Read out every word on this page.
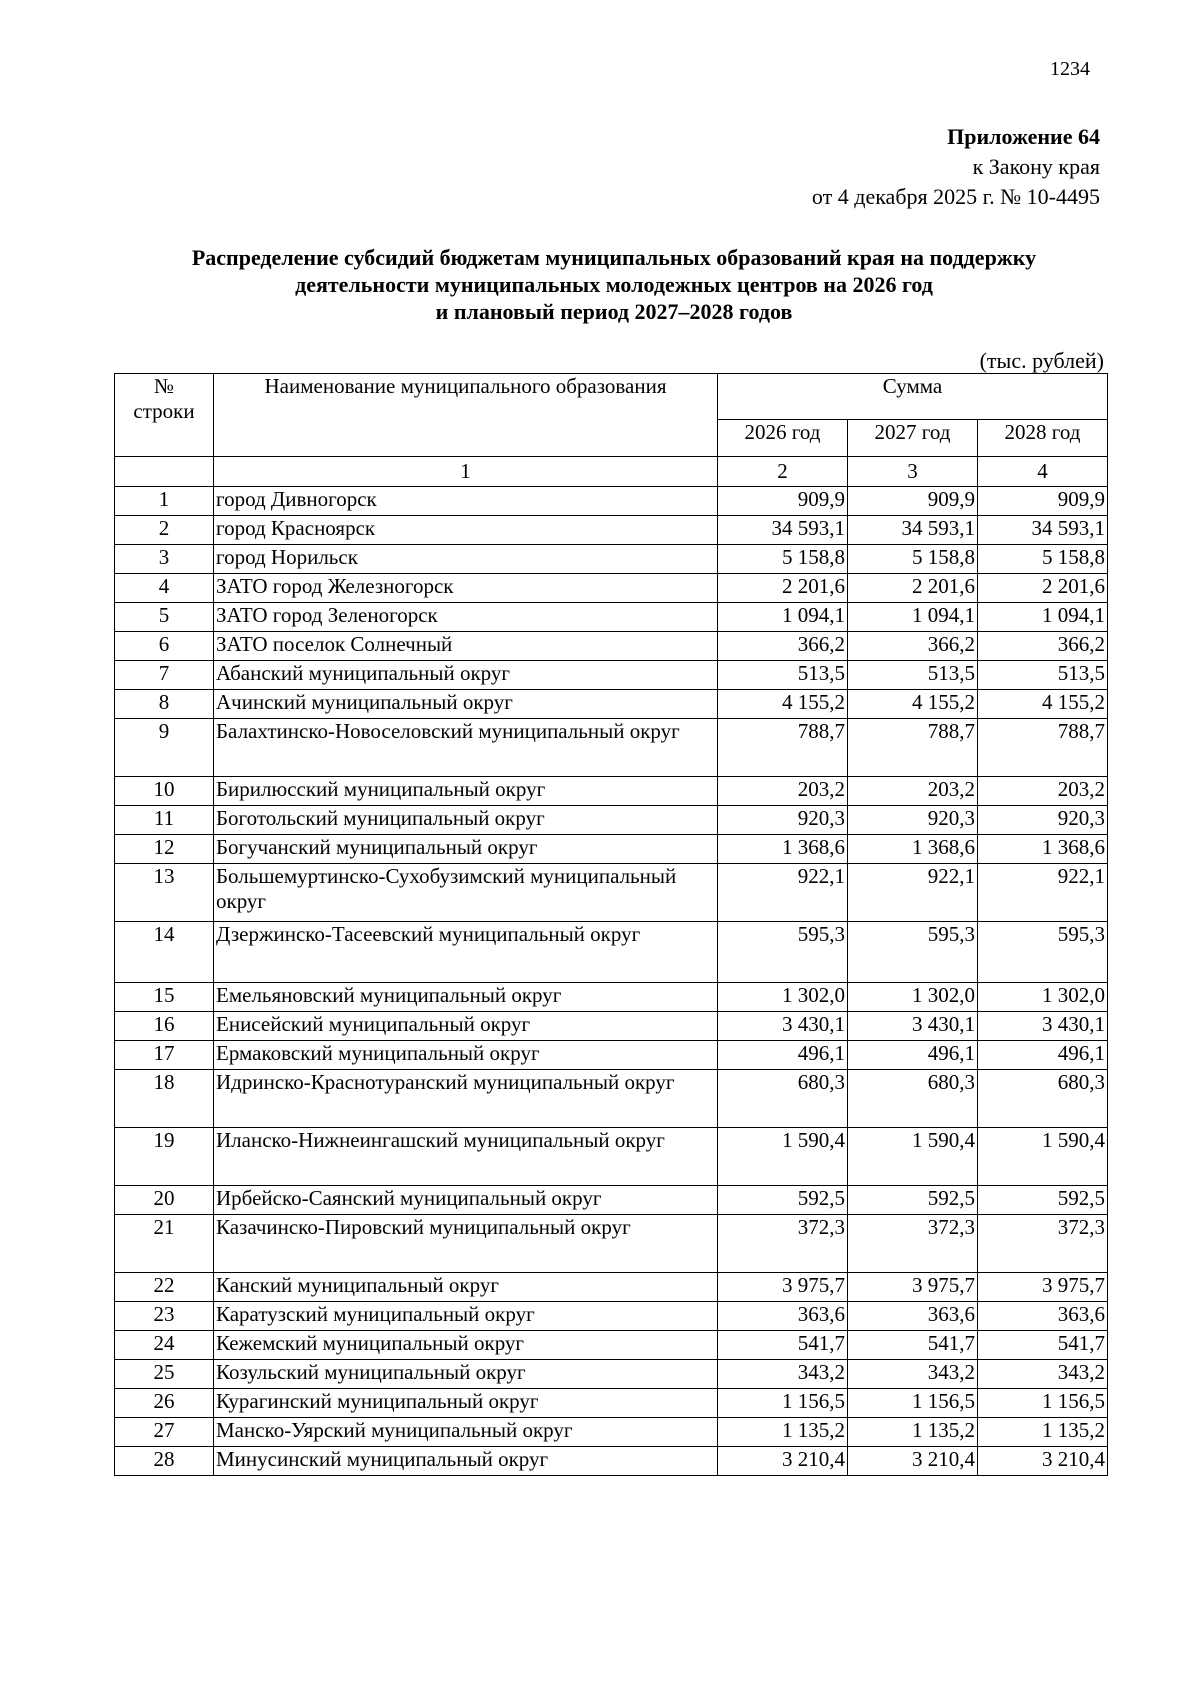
1234
Приложение 64
к Закону края
от 4 декабря 2025 г. № 10-4495
Распределение субсидий бюджетам муниципальных образований края на поддержку
деятельности муниципальных молодежных центров на 2026 год
и плановый период 2027–2028 годов
(тыс. рублей)
№
строки	Наименование муниципального образования	Сумма		
		2026 год	2027 год	2028 год
	1	2	3	4
1	город Дивногорск	909,9	909,9	909,9
2	город Красноярск	34 593,1	34 593,1	34 593,1
3	город Норильск	5 158,8	5 158,8	5 158,8
4	ЗАТО город Железногорск	2 201,6	2 201,6	2 201,6
5	ЗАТО город Зеленогорск	1 094,1	1 094,1	1 094,1
6	ЗАТО поселок Солнечный	366,2	366,2	366,2
7	Абанский муниципальный округ	513,5	513,5	513,5
8	Ачинский муниципальный округ	4 155,2	4 155,2	4 155,2
9	Балахтинско-Новоселовский муниципальный округ	788,7	788,7	788,7
10	Бирилюсский муниципальный округ	203,2	203,2	203,2
11	Боготольский муниципальный округ	920,3	920,3	920,3
12	Богучанский муниципальный округ	1 368,6	1 368,6	1 368,6
13	Большемуртинско-Сухобузимский муниципальный округ	922,1	922,1	922,1
14	Дзержинско-Тасеевский муниципальный округ	595,3	595,3	595,3
15	Емельяновский муниципальный округ	1 302,0	1 302,0	1 302,0
16	Енисейский муниципальный округ	3 430,1	3 430,1	3 430,1
17	Ермаковский муниципальный округ	496,1	496,1	496,1
18	Идринско-Краснотуранский муниципальный округ	680,3	680,3	680,3
19	Иланско-Нижнеингашский муниципальный округ	1 590,4	1 590,4	1 590,4
20	Ирбейско-Саянский муниципальный округ	592,5	592,5	592,5
21	Казачинско-Пировский муниципальный округ	372,3	372,3	372,3
22	Канский муниципальный округ	3 975,7	3 975,7	3 975,7
23	Каратузский муниципальный округ	363,6	363,6	363,6
24	Кежемский муниципальный округ	541,7	541,7	541,7
25	Козульский муниципальный округ	343,2	343,2	343,2
26	Курагинский муниципальный округ	1 156,5	1 156,5	1 156,5
27	Манско-Уярский муниципальный округ	1 135,2	1 135,2	1 135,2
28	Минусинский муниципальный округ	3 210,4	3 210,4	3 210,4
